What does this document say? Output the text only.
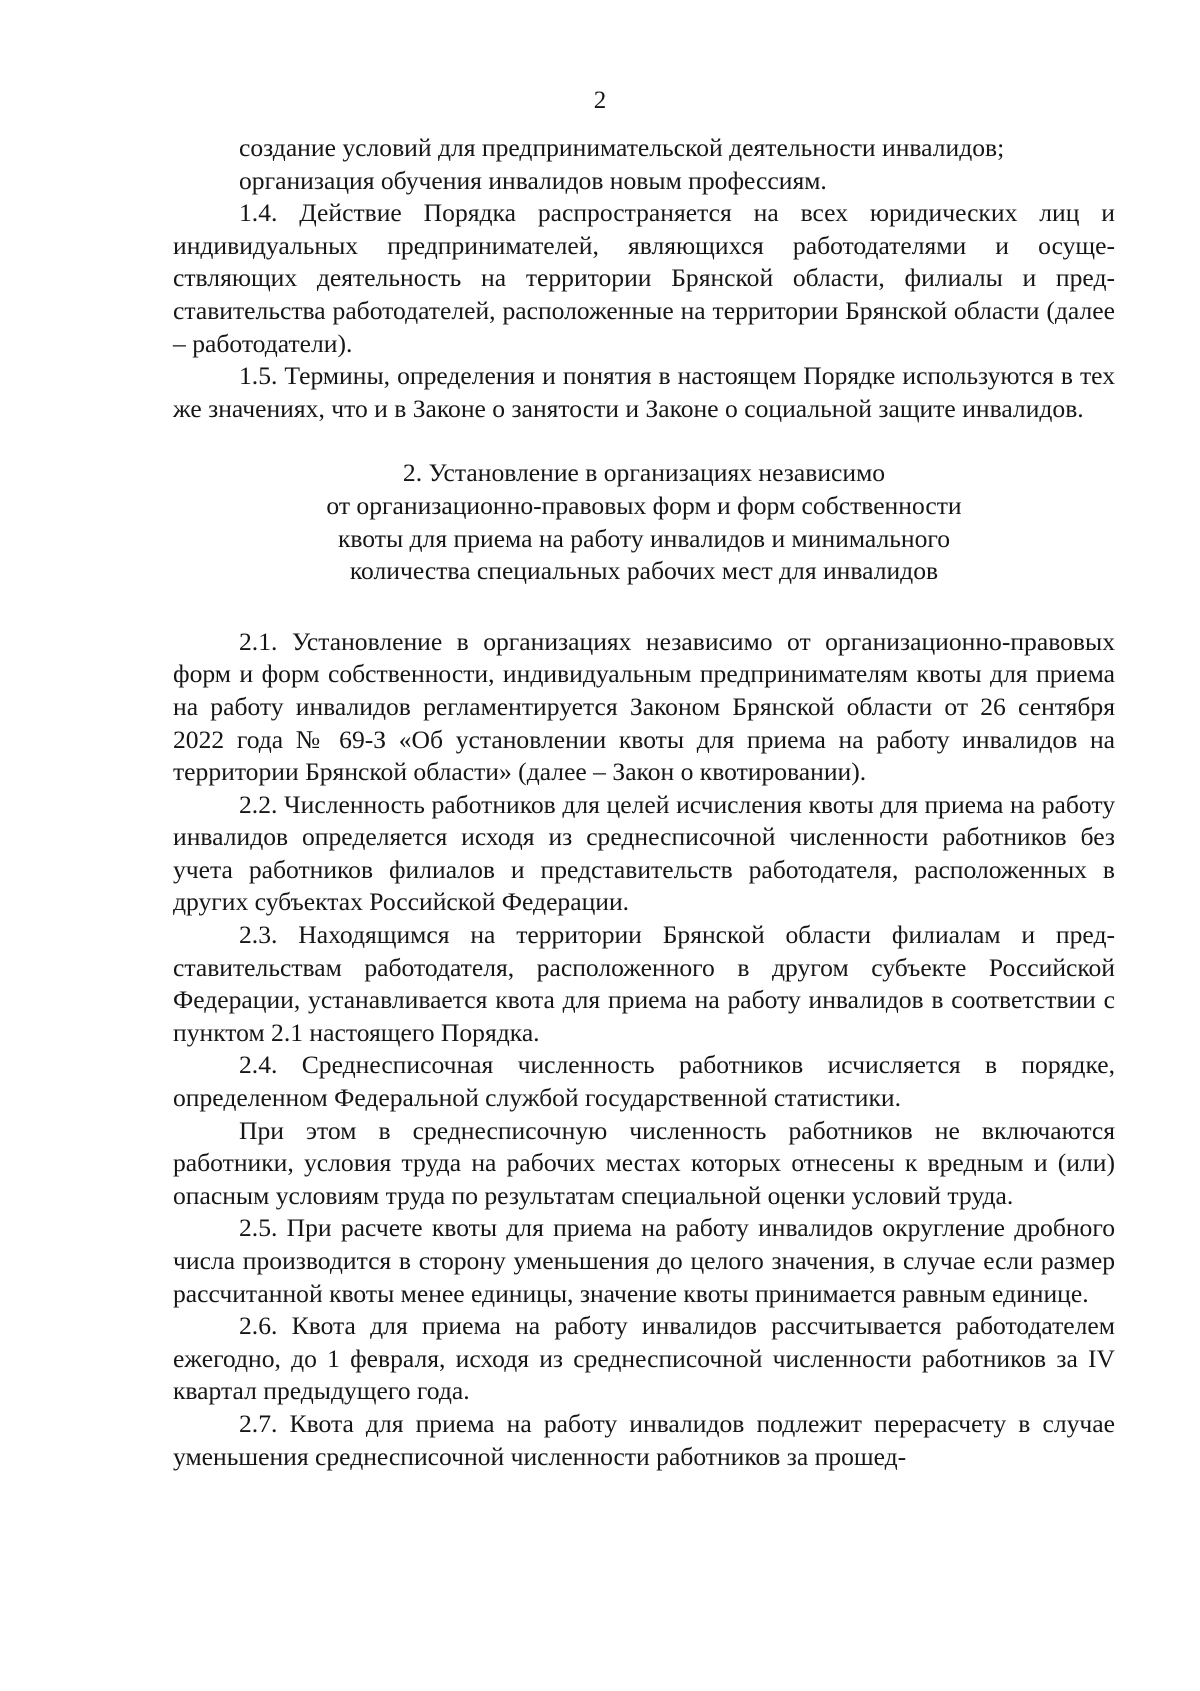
2

создание условий для предпринимательской деятельности инвалидов;

организация обучения инвалидов новым профессиям.

1.4. Действие Порядка распространяется на всех юридических лиц и индивидуальных предпринимателей, являющихся работодателями и осуществляющих деятельность на территории Брянской области, филиалы и представительства работодателей, расположенные на территории Брянской области (далее – работодатели).

1.5. Термины, определения и понятия в настоящем Порядке используются в тех же значениях, что и в Законе о занятости и Законе о социальной защите инвалидов.

2. Установление в организациях независимо
от организационно-правовых форм и форм собственности
квоты для приема на работу инвалидов и минимального
количества специальных рабочих мест для инвалидов

2.1. Установление в организациях независимо от организационно-правовых форм и форм собственности, индивидуальным предпринимателям квоты для приема на работу инвалидов регламентируется Законом Брянской области от 26 сентября 2022 года № 69-З «Об установлении квоты для приема на работу инвалидов на территории Брянской области» (далее – Закон о квотировании).

2.2. Численность работников для целей исчисления квоты для приема на работу инвалидов определяется исходя из среднесписочной численности работников без учета работников филиалов и представительств работодателя, расположенных в других субъектах Российской Федерации.

2.3. Находящимся на территории Брянской области филиалам и представительствам работодателя, расположенного в другом субъекте Российской Федерации, устанавливается квота для приема на работу инвалидов в соответствии с пунктом 2.1 настоящего Порядка.

2.4. Среднесписочная численность работников исчисляется в порядке, определенном Федеральной службой государственной статистики.

При этом в среднесписочную численность работников не включаются работники, условия труда на рабочих местах которых отнесены к вредным и (или) опасным условиям труда по результатам специальной оценки условий труда.

2.5. При расчете квоты для приема на работу инвалидов округление дробного числа производится в сторону уменьшения до целого значения, в случае если размер рассчитанной квоты менее единицы, значение квоты принимается равным единице.

2.6. Квота для приема на работу инвалидов рассчитывается работодателем ежегодно, до 1 февраля, исходя из среднесписочной численности работников за IV квартал предыдущего года.

2.7. Квота для приема на работу инвалидов подлежит перерасчету в случае уменьшения среднесписочной численности работников за прошед-
